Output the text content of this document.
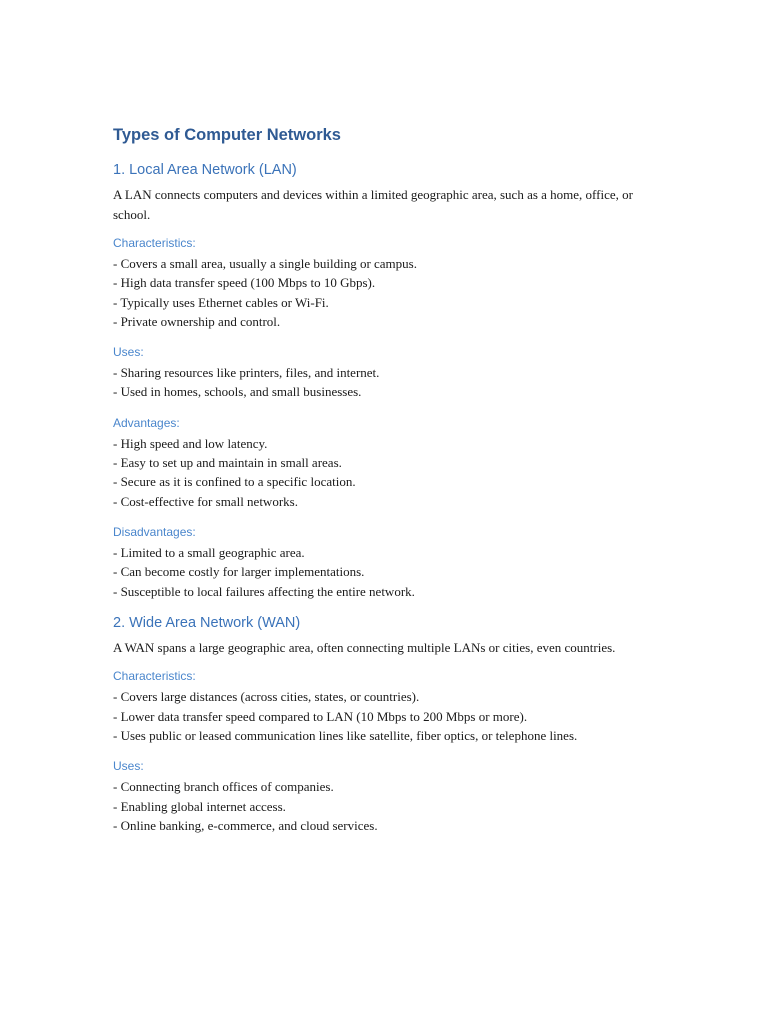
Types of Computer Networks
1. Local Area Network (LAN)

A LAN connects computers and devices within a limited geographic area, such as a home, office, or school.

Characteristics:

- Covers a small area, usually a single building or campus.

- High data transfer speed (100 Mbps to 10 Gbps).

- Typically uses Ethernet cables or Wi-Fi.

- Private ownership and control.

Uses:

- Sharing resources like printers, files, and internet.

- Used in homes, schools, and small businesses.

Advantages:

- High speed and low latency.

- Easy to set up and maintain in small areas.

- Secure as it is confined to a specific location.

- Cost-effective for small networks.

Disadvantages:

- Limited to a small geographic area.

- Can become costly for larger implementations.

- Susceptible to local failures affecting the entire network.

2. Wide Area Network (WAN)

A WAN spans a large geographic area, often connecting multiple LANs or cities, even countries.

Characteristics:

- Covers large distances (across cities, states, or countries).

- Lower data transfer speed compared to LAN (10 Mbps to 200 Mbps or more).

- Uses public or leased communication lines like satellite, fiber optics, or telephone lines.

Uses:

- Connecting branch offices of companies.

- Enabling global internet access.

- Online banking, e-commerce, and cloud services.
